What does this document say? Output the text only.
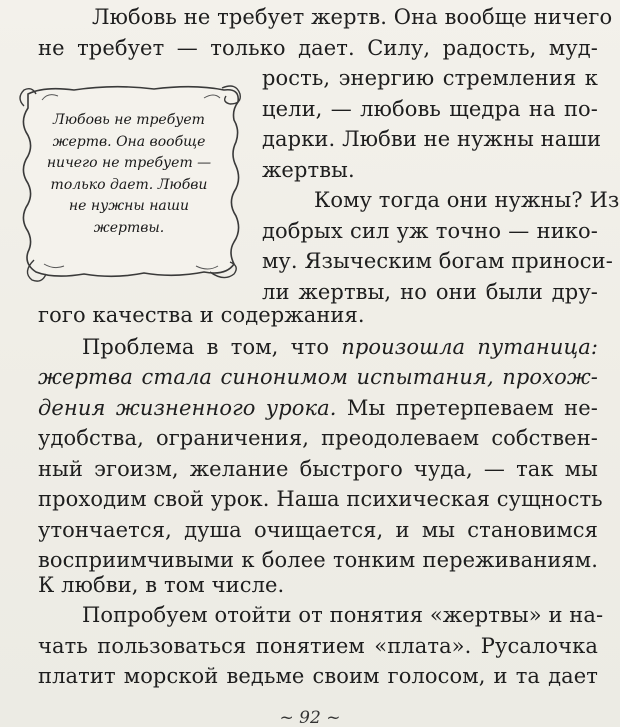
Любовь не требует жертв. Она вообще ничего
не требует — только дает. Силу, радость, муд-
рость, энергию стремления к
цели, — любовь щедра на по-
дарки. Любви не нужны наши
жертвы.
Кому тогда они нужны? Из
добрых сил уж точно — нико-
му. Языческим богам приноси-
ли жертвы, но они были дру-
гого качества и содержания.
Любовь не требует
жертв. Она вообще
ничего не требует —
только дает. Любви
не нужны наши
жертвы.
Проблема в том, что произошла путаница:
жертва стала синонимом испытания, прохож-
дения жизненного урока. Мы претерпеваем не-
удобства, ограничения, преодолеваем собствен-
ный эгоизм, желание быстрого чуда, — так мы
проходим свой урок. Наша психическая сущность
утончается, душа очищается, и мы становимся
восприимчивыми к более тонким переживаниям.
К любви, в том числе.
Попробуем отойти от понятия «жертвы» и на-
чать пользоваться понятием «плата». Русалочка
платит морской ведьме своим голосом, и та дает
~ 92 ~
